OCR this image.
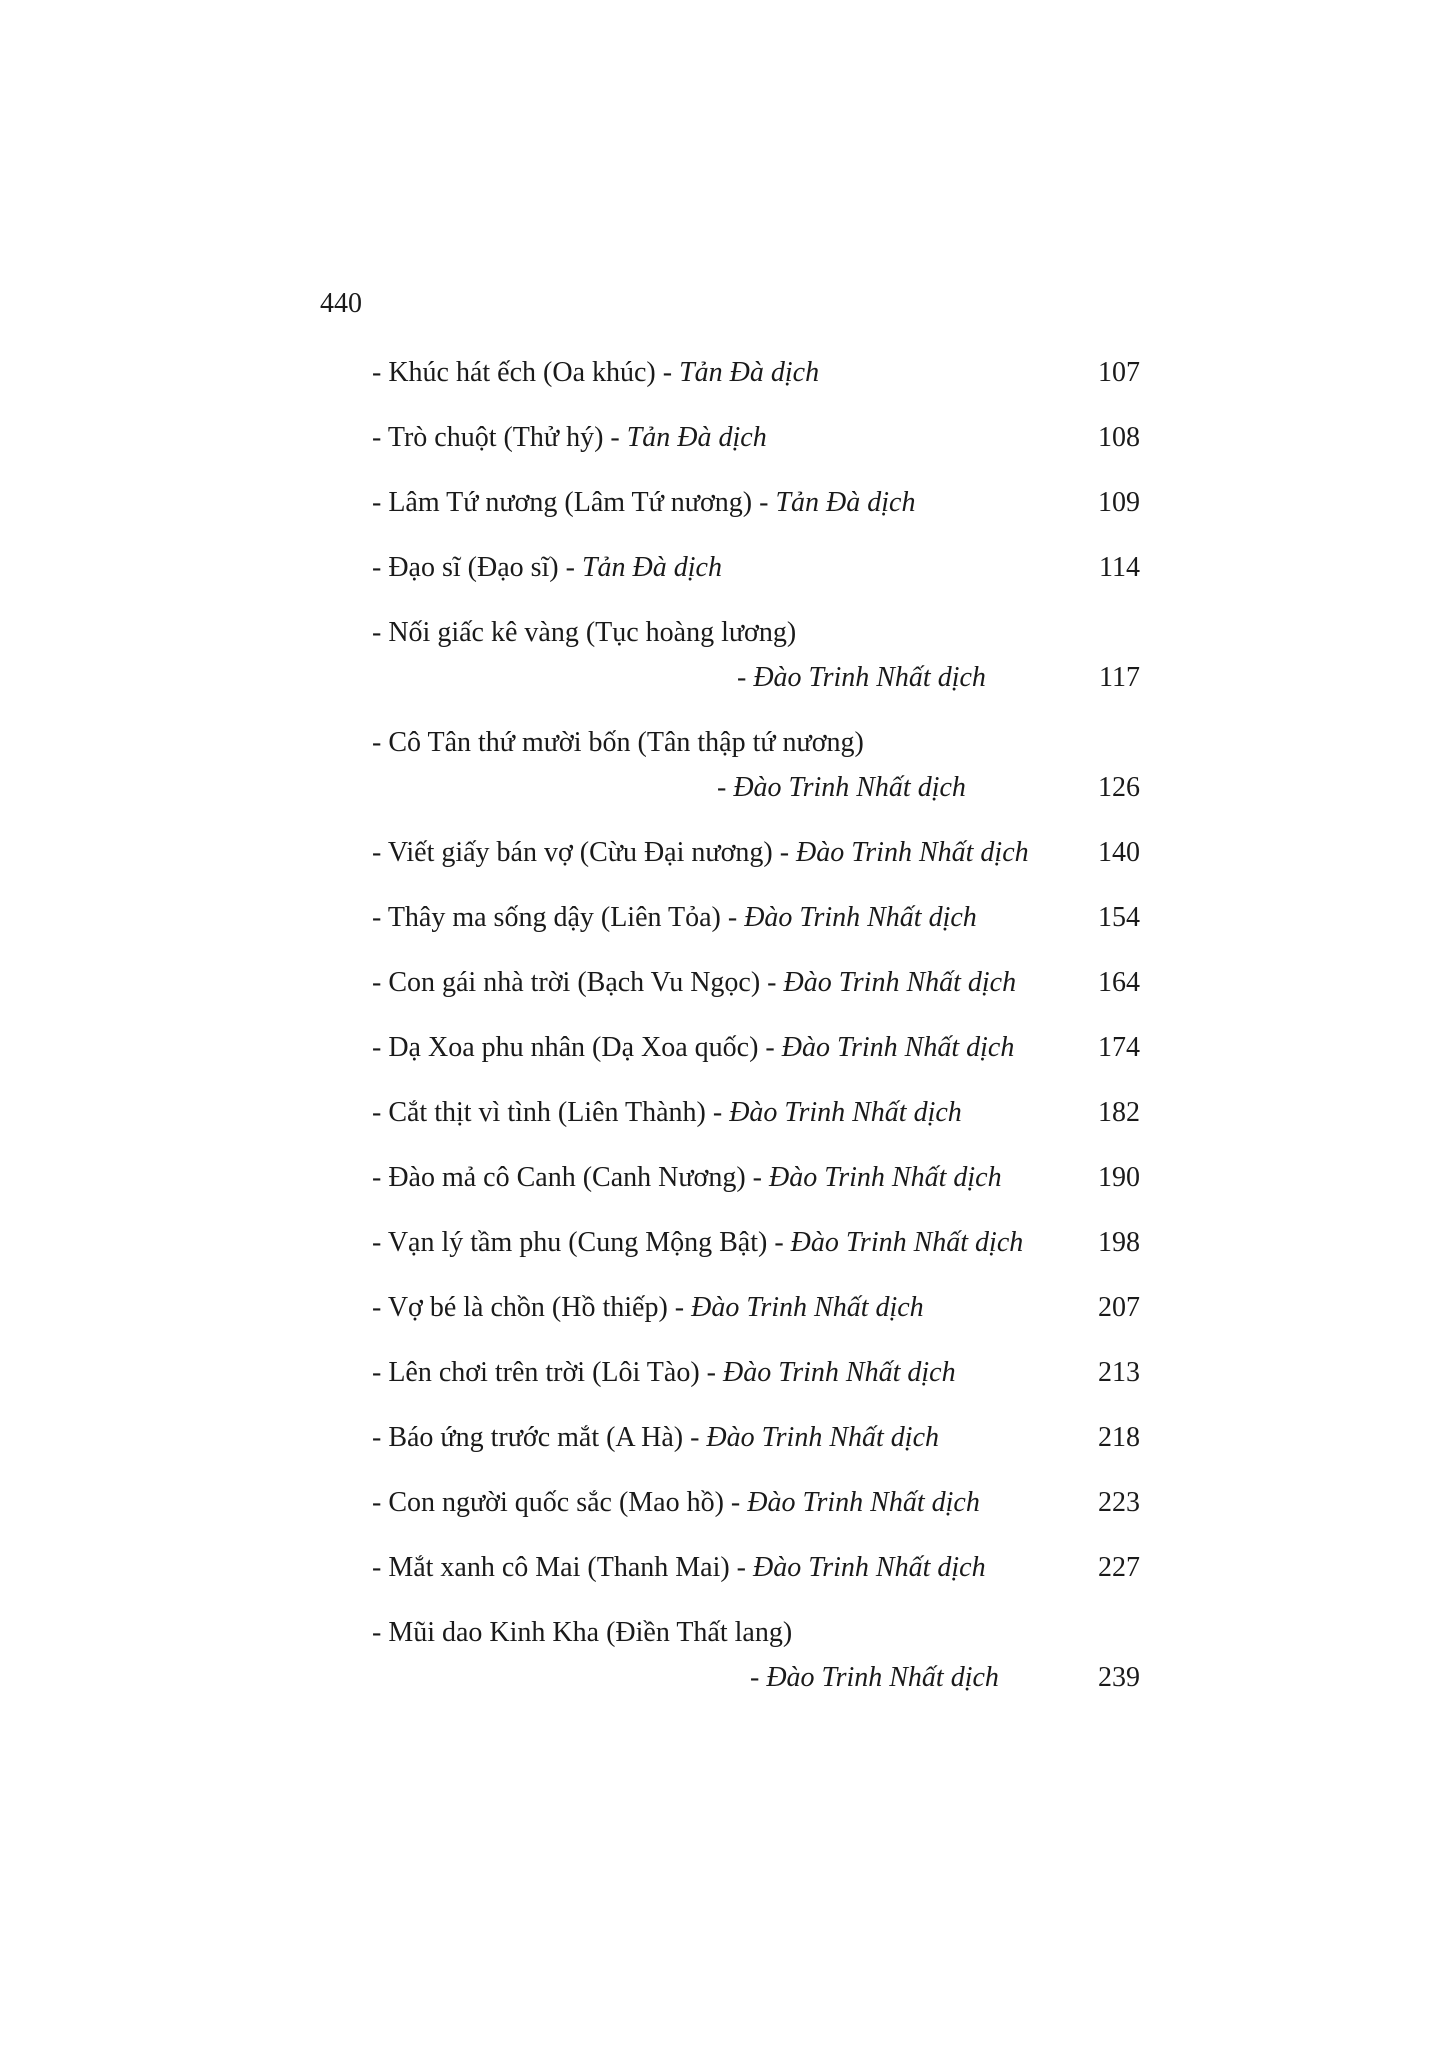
440
- Khúc hát ếch (Oa khúc) - Tản Đà dịch	107
- Trò chuột (Thử hý) - Tản Đà dịch	108
- Lâm Tứ nương (Lâm Tứ nương) - Tản Đà dịch	109
- Đạo sĩ (Đạo sĩ) - Tản Đà dịch	114
- Nối giấc kê vàng (Tục hoàng lương)
- Đào Trinh Nhất dịch	117
- Cô Tân thứ mười bốn (Tân thập tứ nương)
- Đào Trinh Nhất dịch	126
- Viết giấy bán vợ (Cừu Đại nương) - Đào Trinh Nhất dịch 140
- Thây ma sống dậy (Liên Tỏa) - Đào Trinh Nhất dịch	154
- Con gái nhà trời (Bạch Vu Ngọc) - Đào Trinh Nhất dịch	164
- Dạ Xoa phu nhân (Dạ Xoa quốc) - Đào Trinh Nhất dịch	174
- Cắt thịt vì tình (Liên Thành) - Đào Trinh Nhất dịch	182
- Đào mả cô Canh (Canh Nương) - Đào Trinh Nhất dịch	190
- Vạn lý tầm phu (Cung Mộng Bật) - Đào Trinh Nhất dịch	198
- Vợ bé là chồn (Hồ thiếp) - Đào Trinh Nhất dịch	207
- Lên chơi trên trời (Lôi Tào) - Đào Trinh Nhất dịch	213
- Báo ứng trước mắt (A Hà) - Đào Trinh Nhất dịch	218
- Con người quốc sắc (Mao hồ) - Đào Trinh Nhất dịch	223
- Mắt xanh cô Mai (Thanh Mai) - Đào Trinh Nhất dịch	227
- Mũi dao Kinh Kha (Điền Thất lang)
- Đào Trinh Nhất dịch	239
